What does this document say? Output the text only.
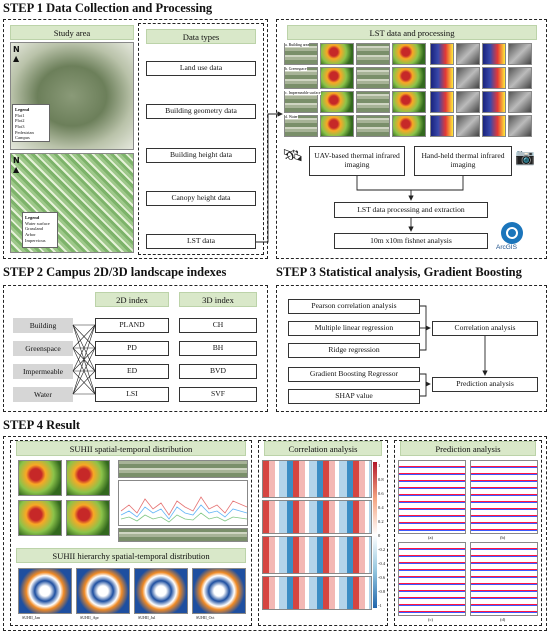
STEP 1 Data Collection and Processing
Study area
N
▲
Legend
Plot1
Plot2
Plot3
Pedestrian
Campus
N
▲
Legend
Water surface
Grassland
Arbor
Impervious
Data types
Land use data
Building geometry data
Building height data
Canopy height data
LST data
LST data and processing
a. Building area
b. Greenspace
c. Impermeable surface
d. Water
🛰	📷
UAV-based thermal infrared imaging
Hand-held thermal infrared imaging
LST data processing and extraction
10m x10m fishnet analysis
ArcGIS
STEP 2 Campus 2D/3D landscape indexes
2D index	3D index
Building
Greenspace
Impermeable
Water
PLAND
PD
ED
LSI
CH
BH
BVD
SVF
STEP 3 Statistical analysis, Gradient Boosting
Pearson correlation analysis
Multiple linear regression
Ridge regression
Gradient Boosting Regressor
SHAP value
Correlation analysis
Prediction analysis
STEP 4 Result
SUHII spatial-temporal distribution
SUHII hierarchy spatial-temporal distribution
SUHII_Jan	SUHII_Apr	SUHII_Jul	SUHII_Oct
Correlation analysis
1
0.8
0.6
0.4
0.2
0
-0.2
-0.4
-0.6
-0.8
-1
Prediction analysis
(a)	(b)
(c)	(d)
